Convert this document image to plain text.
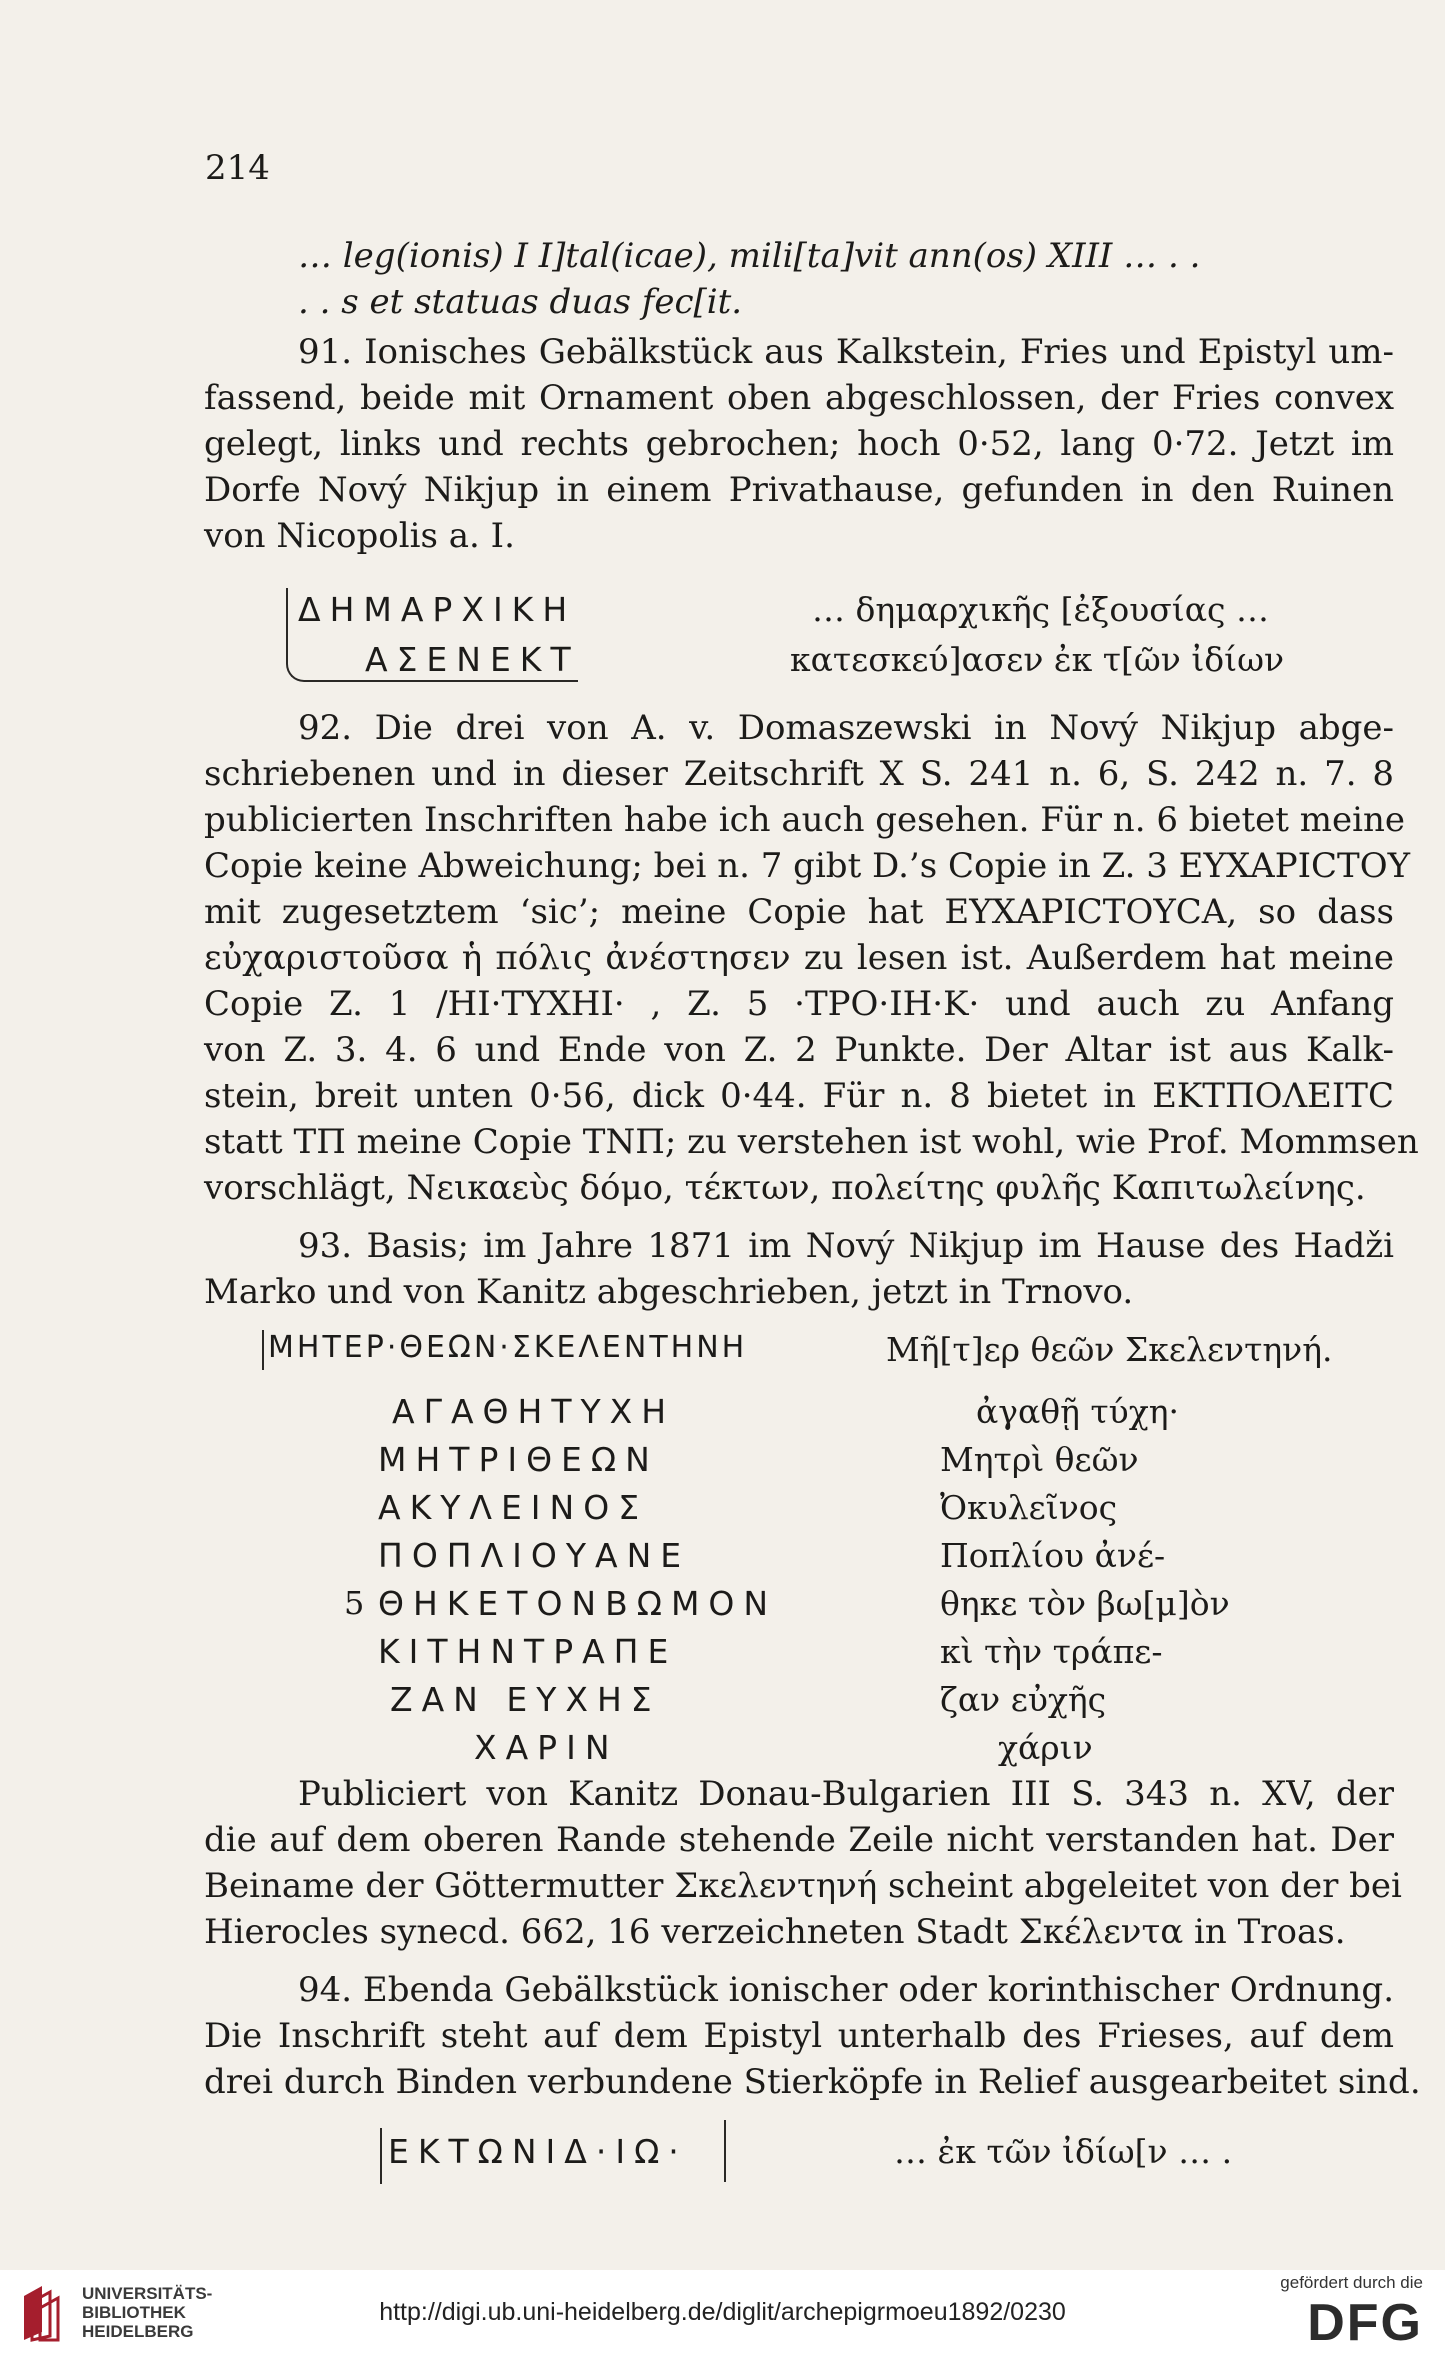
214
… leg(ionis) I I]tal(icae), mili[ta]vit ann(os) XIII … . .
. . s et statuas duas fec[it.
91. Ionisches Gebälkstück aus Kalkstein, Fries und Epistyl um-
fassend, beide mit Ornament oben abgeschlossen, der Fries convex
gelegt, links und rechts gebrochen; hoch 0·52, lang 0·72. Jetzt im
Dorfe Nový Nikjup in einem Privathause, gefunden in den Ruinen
von Nicopolis a. I.
ΔΗΜΑΡΧΙΚΗ
ΑΣΕΝΕΚΤ
… δημαρχικῆς [ἐξουσίας …
κατεσκεύ]ασεν ἐκ τ[ῶν ἰδίων
92. Die drei von A. v. Domaszewski in Nový Nikjup abge-
schriebenen und in dieser Zeitschrift X S. 241 n. 6, S. 242 n. 7. 8
publicierten Inschriften habe ich auch gesehen. Für n. 6 bietet meine
Copie keine Abweichung; bei n. 7 gibt D.’s Copie in Z. 3 ΕΥΧΑΡΙСΤΟΥ
mit zugesetztem ‘sic’; meine Copie hat ΕΥΧΑΡΙСΤΟΥСΑ, so dass
εὐχαριστοῦσα ἡ πόλις ἀνέστησεν zu lesen ist. Außerdem hat meine
Copie Z. 1 /ΗΙ·ΤΥΧΗΙ· , Z. 5 ·ΤΡΟ·ΙΗ·Κ· und auch zu Anfang
von Z. 3. 4. 6 und Ende von Z. 2 Punkte. Der Altar ist aus Kalk-
stein, breit unten 0·56, dick 0·44. Für n. 8 bietet in ΕΚΤΠΟΛΕΙΤС
statt ΤΠ meine Copie ΤΝΠ; zu verstehen ist wohl, wie Prof. Mommsen
vorschlägt, Νεικαεὺς δόμο, τέκτων, πολείτης φυλῆς Καπιτωλείνης.
93. Basis; im Jahre 1871 im Nový Nikjup im Hause des Hadži
Marko und von Kanitz abgeschrieben, jetzt in Trnovo.
ΜΗΤΕΡ·ΘΕΩΝ·ΣΚΕΛΕΝΤΗΝΗ	Μῆ[τ]ερ θεῶν Σκελεντηνή.
ΑΓΑΘΗΤΥΧΗ
ΜΗΤΡΙΘΕΩΝ
ΑΚΥΛΕΙΝΟΣ
ΠΟΠΛΙΟΥΑΝΕ
5 ΘΗΚΕΤΟΝΒΩΜΟΝ
ΚΙΤΗΝΤΡΑΠΕ
ΖΑΝ ΕΥΧΗΣ
ΧΑΡΙΝ
ἀγαθῇ τύχη·
Μητρὶ θεῶν
Ὀκυλεῖνος
Ποπλίου ἀνέ-
θηκε τὸν βω[μ]ὸν
κὶ τὴν τράπε-
ζαν εὐχῆς
χάριν
Publiciert von Kanitz Donau-Bulgarien III S. 343 n. XV, der
die auf dem oberen Rande stehende Zeile nicht verstanden hat. Der
Beiname der Göttermutter Σκελεντηνή scheint abgeleitet von der bei
Hierocles synecd. 662, 16 verzeichneten Stadt Σκέλεντα in Troas.
94. Ebenda Gebälkstück ionischer oder korinthischer Ordnung.
Die Inschrift steht auf dem Epistyl unterhalb des Frieses, auf dem
drei durch Binden verbundene Stierköpfe in Relief ausgearbeitet sind.
ΕΚΤΩΝΙΔ·ΙΩ·	… ἐκ τῶν ἰδίω[ν … .
UNIVERSITÄTS-
BIBLIOTHEK
HEIDELBERG
http://digi.ub.uni-heidelberg.de/diglit/archepigrmoeu1892/0230
gefördert durch die
DFG
